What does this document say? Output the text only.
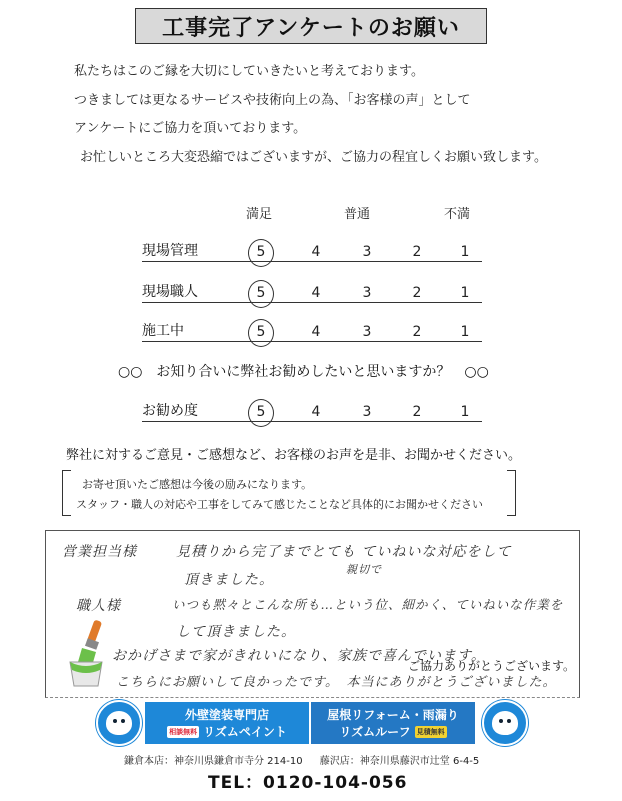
工事完了アンケートのお願い

私たちはこのご縁を大切にしていきたいと考えております。

つきましては更なるサービスや技術向上の為、「お客様の声」として

アンケートにご協力を頂いております。

お忙しいところ大変恐縮ではございますが、ご協力の程宜しくお願い致します。

満足	普通	不満
現場管理	5	4	3	2	1
現場職人	5	4	3	2	1
施工中	5	4	3	2	1
○○　お知り合いに弊社お勧めしたいと思いますか？　○○
お勧め度	5	4	3	2	1
弊社に対するご意見・ご感想など、お客様のお声を是非、お聞かせください。

お寄せ頂いたご感想は今後の励みになります。

スタッフ・職人の対応や工事をしてみて感じたことなど具体的にお聞かせください

営業担当様	見積りから完了までとても ていねいな対応をして
親切で
頂きました。
職人様	いつも黙々とこんな所も…という位、細かく、ていねいな作業を
して頂きました。
おかげさまで家がきれいになり、家族で喜んでいます。
こちらにお願いして良かったです。　本当にありがとうございました。
ご協力ありがとうございます。
外壁塗装専門店
相談無料 リズムペイント
屋根リフォーム・雨漏り
リズムルーフ 見積無料
鎌倉本店：神奈川県鎌倉市寺分 214-10 藤沢店：神奈川県藤沢市辻堂 6-4-5
TEL：0120-104-056
